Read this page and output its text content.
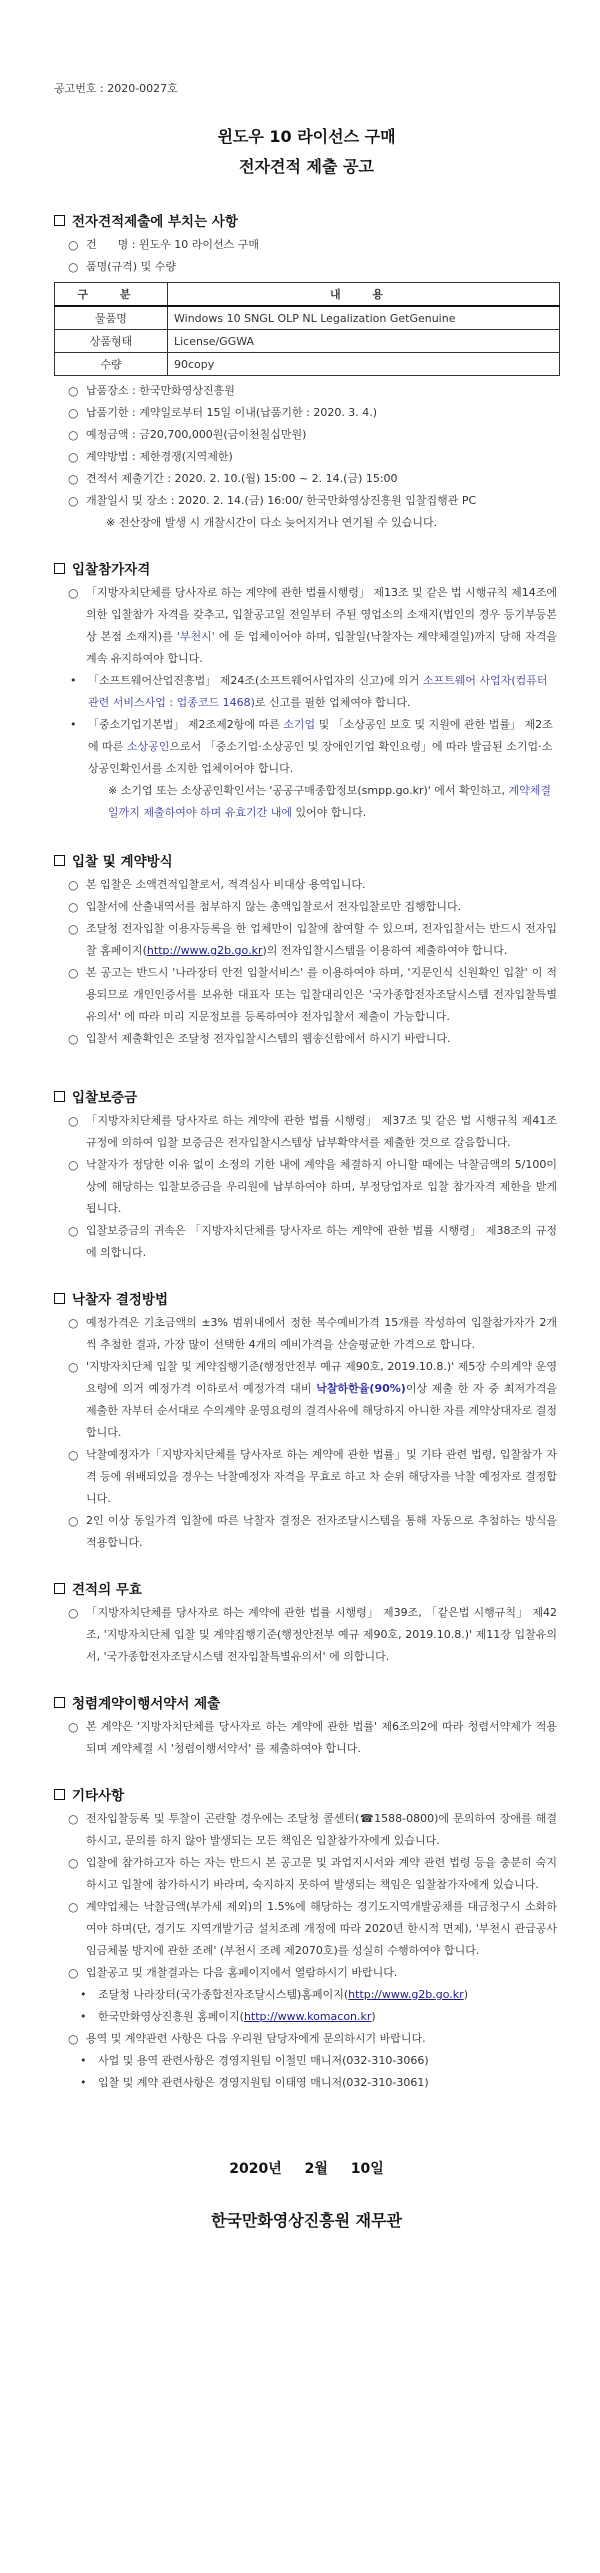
공고번호 : 2020-0027호
윈도우 10 라이선스 구매
전자견적 제출 공고
전자견적제출에 부치는 사항
○ 건      명 : 윈도우 10 라이선스 구매
○ 품명(규격) 및 수량
구 분	내 용
물품명	Windows 10 SNGL OLP NL Legalization GetGenuine
상품형태	License/GGWA
수량	90copy
○ 납품장소 : 한국만화영상진흥원
○ 납품기한 : 계약일로부터 15일 이내(납품기한 : 2020. 3. 4.)
○ 예정금액 : 금20,700,000원(금이천칠십만원)
○ 계약방법 : 제한경쟁(지역제한)
○ 견적서 제출기간 : 2020. 2. 10.(월) 15:00 ~ 2. 14.(금) 15:00
○ 개찰일시 및 장소 : 2020. 2. 14.(금) 16:00/ 한국만화영상진흥원 입찰집행관 PC
※ 전산장애 발생 시 개찰시간이 다소 늦어지거나 연기될 수 있습니다.
입찰참가자격
○ 「지방자치단체를 당사자로 하는 계약에 관한 법률시행령」 제13조 및 같은 법 시행규칙 제14조에 의한 입찰참가 자격을 갖추고, 입찰공고일 전일부터 주된 영업소의 소재지(법인의 경우 등기부등본상 본점 소재지)를 '부천시' 에 둔 업체이어야 하며, 입찰일(낙찰자는 계약체결일)까지 당해 자격을 계속 유지하여야 합니다.
•	「소프트웨어산업진흥법」 제24조(소프트웨어사업자의 신고)에 의거 소프트웨어 사업자(컴퓨터 관련 서비스사업 : 업종코드 1468)로 신고를 필한 업체여야 합니다.
•	「중소기업기본법」 제2조제2항에 따른 소기업 및 「소상공인 보호 및 지원에 관한 법률」 제2조에 따른 소상공인으로서 「중소기업·소상공인 및 장애인기업 확인요령」에 따라 발급된 소기업·소상공인확인서를 소지한 업체이어야 합니다.
※ 소기업 또는 소상공인확인서는 '공공구매종합정보(smpp.go.kr)' 에서 확인하고, 계약체결일까지 제출하여야 하며 유효기간 내에 있어야 합니다.
입찰 및 계약방식
○ 본 입찰은 소액견적입찰로서, 적격심사 비대상 용역입니다.
○ 입찰서에 산출내역서를 첨부하지 않는 총액입찰로서 전자입찰로만 집행합니다.
○ 조달청 전자입찰 이용자등록을 한 업체만이 입찰에 참여할 수 있으며, 전자입찰서는 반드시 전자입찰 홈페이지(http://www.g2b.go.kr)의 전자입찰시스템을 이용하여 제출하여야 합니다.
○ 본 공고는 반드시 '나라장터 안전 입찰서비스' 를 이용하여야 하며, '지문인식 신원확인 입찰' 이 적용되므로 개인인증서를 보유한 대표자 또는 입찰대리인은 '국가종합전자조달시스템 전자입찰특별유의서' 에 따라 미리 지문정보를 등록하여야 전자입찰서 제출이 가능합니다.
○ 입찰서 제출확인은 조달청 전자입찰시스템의 웹송신함에서 하시기 바랍니다.
입찰보증금
○ 「지방자치단체를 당사자로 하는 계약에 관한 법률 시행령」 제37조 및 같은 법 시행규칙 제41조 규정에 의하여 입찰 보증금은 전자입찰시스템상 납부확약서를 제출한 것으로 갈음합니다.
○ 낙찰자가 정당한 이유 없이 소정의 기한 내에 계약을 체결하지 아니할 때에는 낙찰금액의 5/100이상에 해당하는 입찰보증금을 우리원에 납부하여야 하며, 부정당업자로 입찰 참가자격 제한을 받게 됩니다.
○ 입찰보증금의 귀속은 「지방자치단체를 당사자로 하는 계약에 관한 법률 시행령」 제38조의 규정에 의합니다.
낙찰자 결정방법
○ 예정가격은 기초금액의 ±3% 범위내에서 정한 복수예비가격 15개를 작성하여 입찰참가자가 2개씩 추첨한 결과, 가장 많이 선택한 4개의 예비가격을 산술평균한 가격으로 합니다.
○ '지방자치단체 입찰 및 계약집행기준(행정안전부 예규 제90호, 2019.10.8.)' 제5장 수의계약 운영요령에 의거 예정가격 이하로서 예정가격 대비 낙찰하한율(90%)이상 제출 한 자 중 최저가격을 제출한 자부터 순서대로 수의계약 운영요령의 결격사유에 해당하지 아니한 자를 계약상대자로 결정합니다.
○ 낙찰예정자가「지방자치단체를 당사자로 하는 계약에 관한 법률」및 기타 관련 법령, 입찰참가 자격 등에 위배되었을 경우는 낙찰예정자 자격을 무효로 하고 차 순위 해당자를 낙찰 예정자로 결정합니다.
○ 2인 이상 동일가격 입찰에 따른 낙찰자 결정은 전자조달시스템을 통해 자동으로 추첨하는 방식을 적용합니다.
견적의 무효
○ 「지방자치단체를 당사자로 하는 계약에 관한 법률 시행령」 제39조, 「같은법 시행규칙」 제42조, '지방자치단체 입찰 및 계약집행기준(행정안전부 예규 제90호, 2019.10.8.)' 제11장 입찰유의서, '국가종합전자조달시스템 전자입찰특별유의서' 에 의합니다.
청렴계약이행서약서 제출
○ 본 계약은 '지방자치단체를 당사자로 하는 계약에 관한 법률' 제6조의2에 따라 청렴서약제가 적용되며 계약체결 시 '청렴이행서약서' 를 제출하여야 합니다.
기타사항
○ 전자입찰등록 및 투찰이 곤란할 경우에는 조달청 콜센터(☎1588-0800)에 문의하여 장애를 해결하시고, 문의를 하지 않아 발생되는 모든 책임은 입찰참가자에게 있습니다.
○ 입찰에 참가하고자 하는 자는 반드시 본 공고문 및 과업지시서와 계약 관련 법령 등을 충분히 숙지하시고 입찰에 참가하시기 바라며, 숙지하지 못하여 발생되는 책임은 입찰참가자에게 있습니다.
○ 계약업체는 낙찰금액(부가세 제외)의 1.5%에 해당하는 경기도지역개발공채를 대금청구시 소화하여야 하며(단, 경기도 지역개발기금 설치조례 개정에 따라 2020년 한시적 면제), '부천시 관급공사 임금체불 방지에 관한 조례' (부천시 조례 제2070호)를 성실히 수행하여야 합니다.
○ 입찰공고 및 개찰결과는 다음 홈페이지에서 열람하시기 바랍니다.
•	조달청 나라장터(국가종합전자조달시스템)홈페이지(http://www.g2b.go.kr)
•	한국만화영상진흥원 홈페이지(http://www.komacon.kr)
○ 용역 및 계약관련 사항은 다음 우리원 담당자에게 문의하시기 바랍니다.
•	사업 및 용역 관련사항은 경영지원팀 이철민 매니저(032-310-3066)
•	입찰 및 계약 관련사항은 경영지원팀 이태영 매니저(032-310-3061)
2020년 2월 10일
한국만화영상진흥원 재무관
